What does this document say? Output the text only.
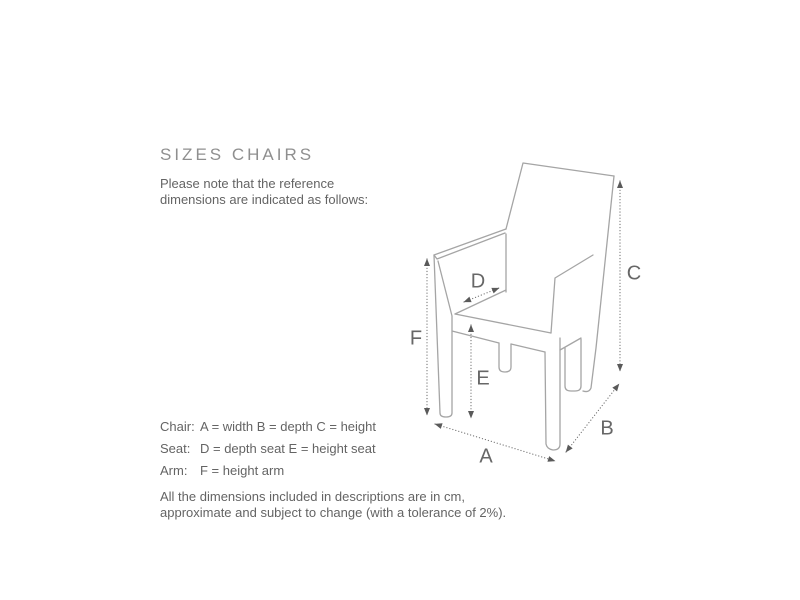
SIZES CHAIRS

Please note that the reference
dimensions are indicated as follows:

Chair: A = width B = depth C = height
Seat: D = depth seat E = height seat
Arm: F = height arm

All the dimensions included in descriptions are in cm,
approximate and subject to change (with a tolerance of 2%).

A
B
C
D
E
F
